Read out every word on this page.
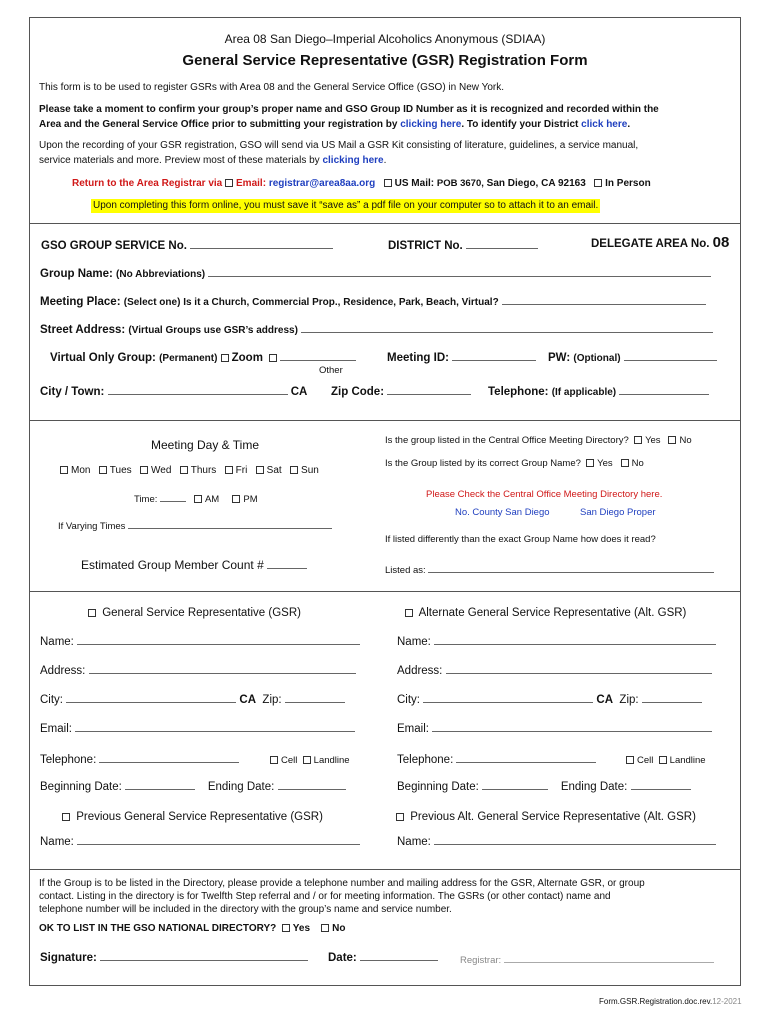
Area 08 San Diego–Imperial Alcoholics Anonymous (SDIAA)
General Service Representative (GSR) Registration Form
This form is to be used to register GSRs with Area 08 and the General Service Office (GSO) in New York.
Please take a moment to confirm your group’s proper name and GSO Group ID Number as it is recognized and recorded within the
Area and the General Service Office prior to submitting your registration by clicking here. To identify your District click here.
Upon the recording of your GSR registration, GSO will send via US Mail a GSR Kit consisting of literature, guidelines, a service manual,
service materials and more. Preview most of these materials by clicking here.
Return to the Area Registrar via Email: registrar@area8aa.org US Mail: POB 3670, San Diego, CA 92163 In Person
Upon completing this form online, you must save it “save as” a pdf file on your computer so to attach it to an email.
GSO GROUP SERVICE No.	DISTRICT No.	DELEGATE AREA No. 08
Group Name: (No Abbreviations)
Meeting Place: (Select one) Is it a Church, Commercial Prop., Residence, Park, Beach, Virtual?
Street Address: (Virtual Groups use GSR’s address)
Virtual Only Group: (Permanent) Zoom
Other
Meeting ID:	PW: (Optional)
City / Town:	CA Zip Code:	Telephone: (If applicable)
Meeting Day & Time
Mon Tues Wed Thurs Fri Sat Sun
Time:	AM	PM
If Varying Times
Estimated Group Member Count #
Is the group listed in the Central Office Meeting Directory? Yes No
Is the Group listed by its correct Group Name? Yes No
Please Check the Central Office Meeting Directory here.
No. County San Diego	San Diego Proper
If listed differently than the exact Group Name how does it read?
Listed as:
General Service Representative (GSR)
Name:
Address:
City:	CA Zip:
Email:
Telephone:	Cell Landline
Beginning Date:	Ending Date:
Previous General Service Representative (GSR)
Name:
Alternate General Service Representative (Alt. GSR)
Name:
Address:
City:	CA Zip:
Email:
Telephone:	Cell Landline
Beginning Date:	Ending Date:
Previous Alt. General Service Representative (Alt. GSR)
Name:
If the Group is to be listed in the Directory, please provide a telephone number and mailing address for the GSR, Alternate GSR, or group
contact. Listing in the directory is for Twelfth Step referral and / or for meeting information. The GSRs (or other contact) name and
telephone number will be included in the directory with the group’s name and service number.
OK TO LIST IN THE GSO NATIONAL DIRECTORY? Yes No
Signature:	Date:	Registrar:
Form.GSR.Registration.doc.rev.12-2021
